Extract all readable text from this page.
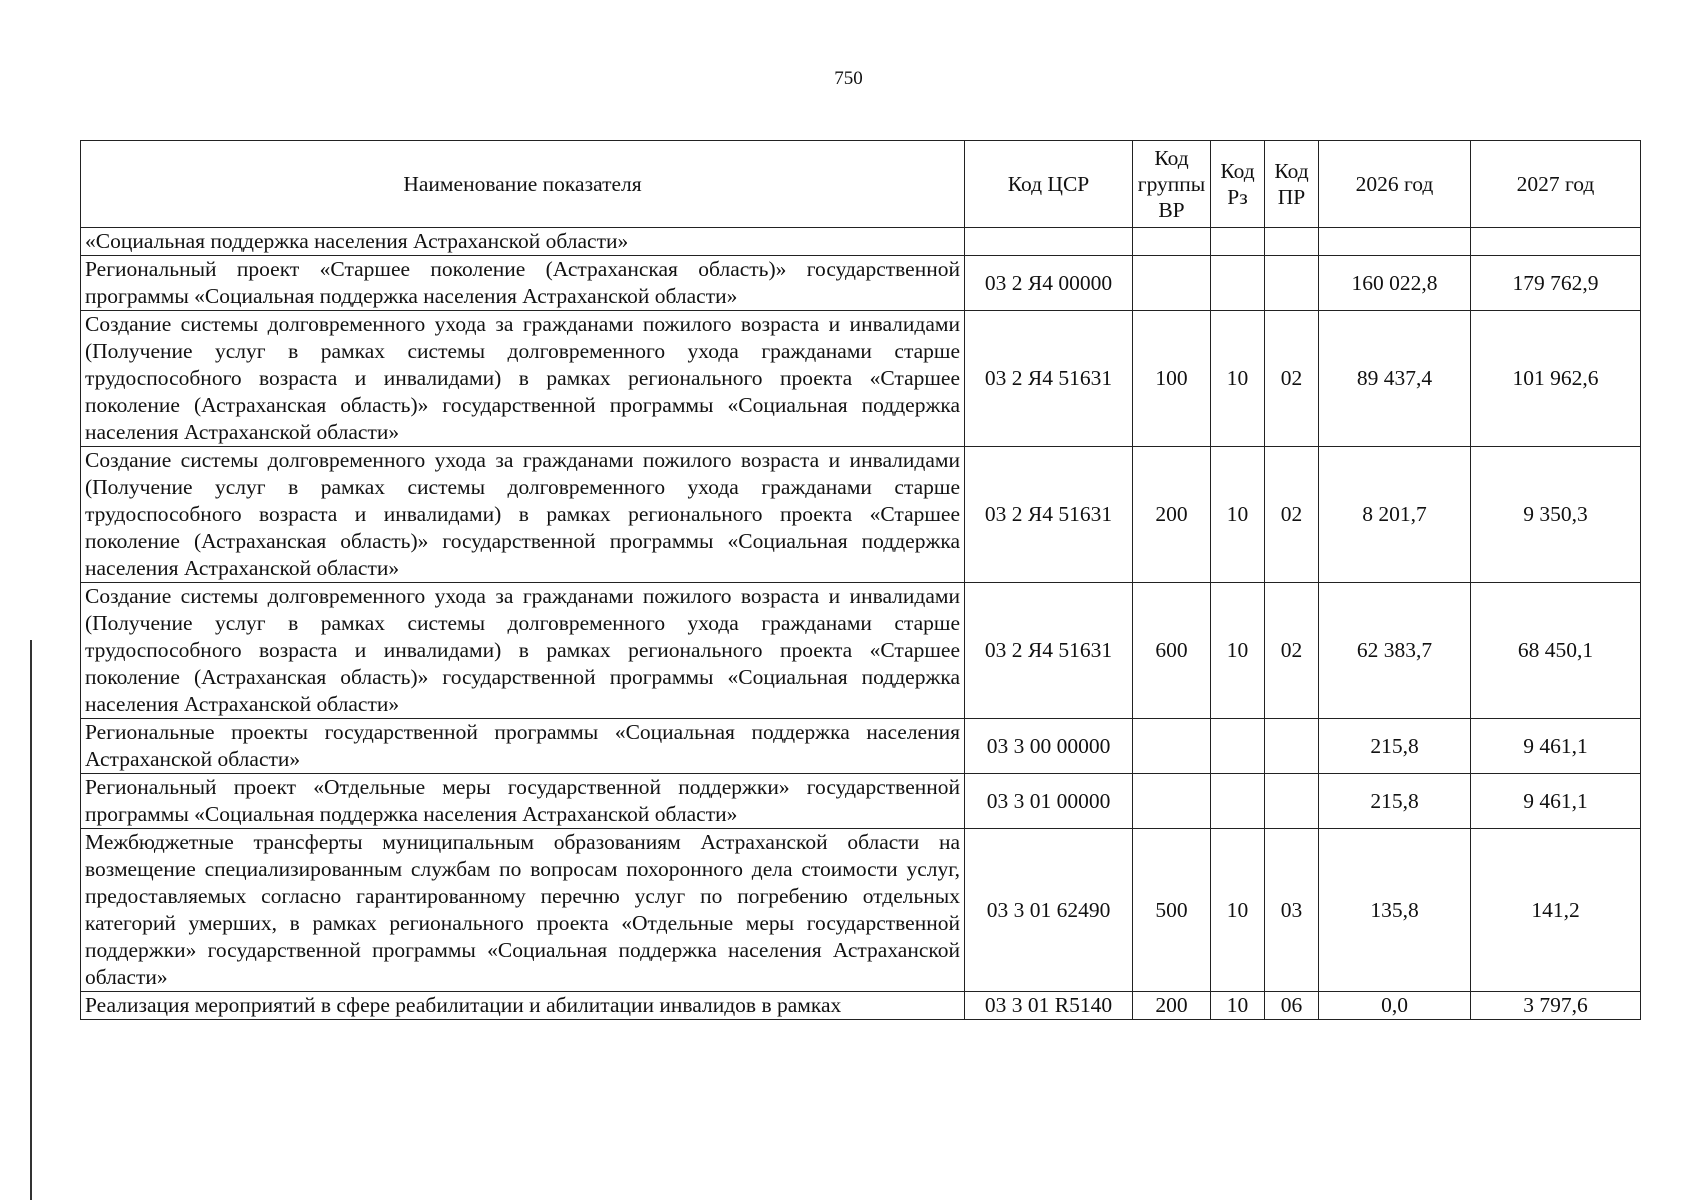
750
Наименование показателя	Код ЦСР	Код группы ВР	Код Рз	Код ПР	2026 год	2027 год
«Социальная поддержка населения Астраханской области»						
Региональный проект «Старшее поколение (Астраханская область)» государственной программы «Социальная поддержка населения Астраханской области»	03 2 Я4 00000				160 022,8	179 762,9
Создание системы долговременного ухода за гражданами пожилого возраста и инвалидами (Получение услуг в рамках системы долговременного ухода гражданами старше трудоспособного возраста и инвалидами) в рамках регионального проекта «Старшее поколение (Астраханская область)» государственной программы «Социальная поддержка населения Астраханской области»	03 2 Я4 51631	100	10	02	89 437,4	101 962,6
Создание системы долговременного ухода за гражданами пожилого возраста и инвалидами (Получение услуг в рамках системы долговременного ухода гражданами старше трудоспособного возраста и инвалидами) в рамках регионального проекта «Старшее поколение (Астраханская область)» государственной программы «Социальная поддержка населения Астраханской области»	03 2 Я4 51631	200	10	02	8 201,7	9 350,3
Создание системы долговременного ухода за гражданами пожилого возраста и инвалидами (Получение услуг в рамках системы долговременного ухода гражданами старше трудоспособного возраста и инвалидами) в рамках регионального проекта «Старшее поколение (Астраханская область)» государственной программы «Социальная поддержка населения Астраханской области»	03 2 Я4 51631	600	10	02	62 383,7	68 450,1
Региональные проекты государственной программы «Социальная поддержка населения Астраханской области»	03 3 00 00000				215,8	9 461,1
Региональный проект «Отдельные меры государственной поддержки» государственной программы «Социальная поддержка населения Астраханской области»	03 3 01 00000				215,8	9 461,1
Межбюджетные трансферты муниципальным образованиям Астраханской области на возмещение специализированным службам по вопросам похоронного дела стоимости услуг, предоставляемых согласно гарантированному перечню услуг по погребению отдельных категорий умерших, в рамках регионального проекта «Отдельные меры государственной поддержки» государственной программы «Социальная поддержка населения Астраханской области»	03 3 01 62490	500	10	03	135,8	141,2
Реализация мероприятий в сфере реабилитации и абилитации инвалидов в рамках	03 3 01 R5140	200	10	06	0,0	3 797,6
